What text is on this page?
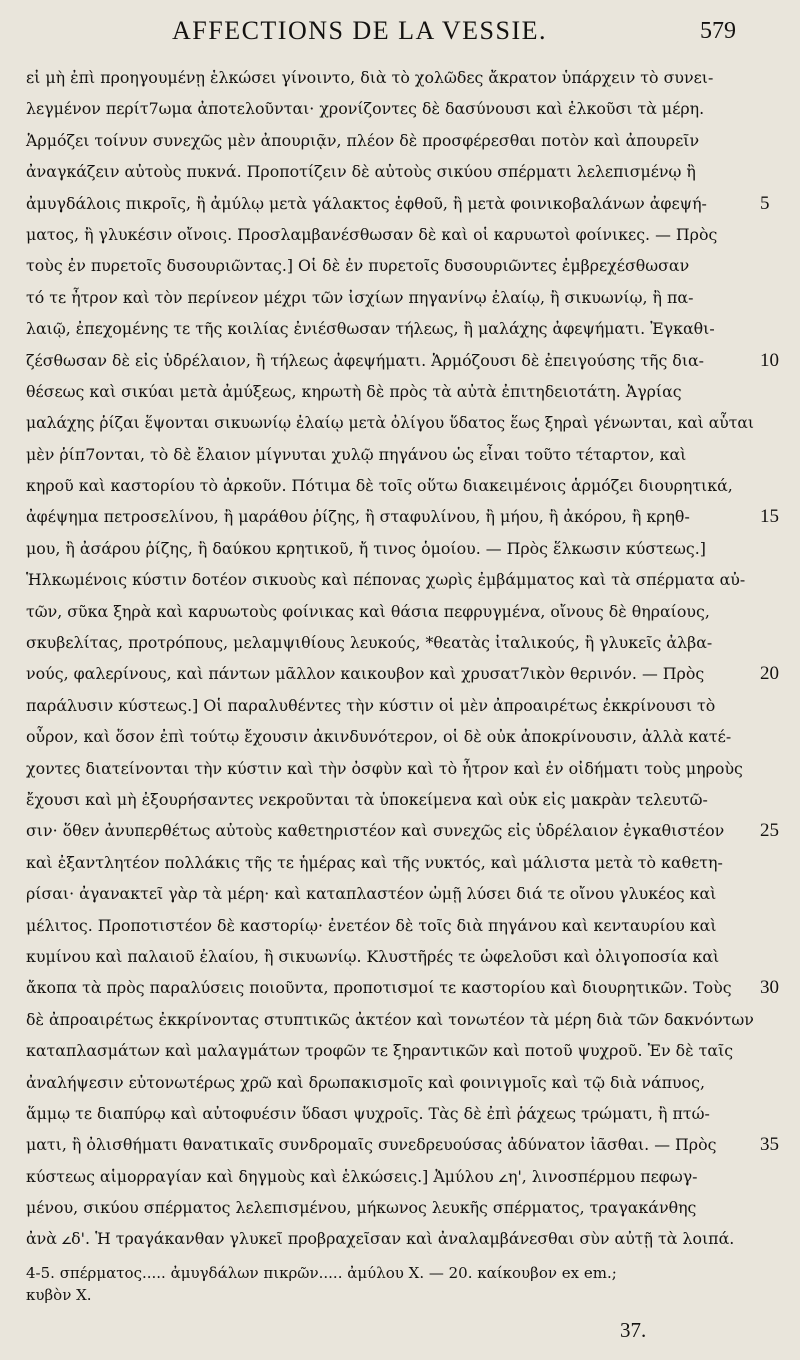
AFFECTIONS DE LA VESSIE.	579
εἰ μὴ ἐπὶ προηγουμένῃ ἑλκώσει γίνοιντο, διὰ τὸ χολῶδες ἄκρατον ὑπάρχειν τὸ συνει-
λεγμένον περίτ7ωμα ἀποτελοῦνται· χρονίζοντες δὲ δασύνουσι καὶ ἑλκοῦσι τὰ μέρη.
Ἁρμόζει τοίνυν συνεχῶς μὲν ἀπουριᾷν, πλέον δὲ προσφέρεσθαι ποτὸν καὶ ἀπουρεῖν
ἀναγκάζειν αὐτοὺς πυκνά. Προποτίζειν δὲ αὐτοὺς σικύου σπέρματι λελεπισμένῳ ἢ
ἀμυγδάλοις πικροῖς, ἢ ἀμύλῳ μετὰ γάλακτος ἑφθοῦ, ἢ μετὰ φοινικοβαλάνων ἀφεψή-	5
ματος, ἢ γλυκέσιν οἴνοις. Προσλαμβανέσθωσαν δὲ καὶ οἱ καρυωτοὶ φοίνικες. — Πρὸς
τοὺς ἐν πυρετοῖς δυσουριῶντας.] Οἱ δὲ ἐν πυρετοῖς δυσουριῶντες ἐμβρεχέσθωσαν
τό τε ἦτρον καὶ τὸν περίνεον μέχρι τῶν ἰσχίων πηγανίνῳ ἐλαίῳ, ἢ σικυωνίῳ, ἢ πα-
λαιῷ, ἐπεχομένης τε τῆς κοιλίας ἐνιέσθωσαν τήλεως, ἢ μαλάχης ἀφεψήματι. Ἐγκαθι-
ζέσθωσαν δὲ εἰς ὑδρέλαιον, ἢ τήλεως ἀφεψήματι. Ἁρμόζουσι δὲ ἐπειγούσης τῆς δια-	10
θέσεως καὶ σικύαι μετὰ ἀμύξεως, κηρωτὴ δὲ πρὸς τὰ αὐτὰ ἐπιτηδειοτάτη. Ἀγρίας
μαλάχης ῥίζαι ἕψονται σικυωνίῳ ἐλαίῳ μετὰ ὀλίγου ὕδατος ἕως ξηραὶ γένωνται, καὶ αὗται
μὲν ῥίπ7ονται, τὸ δὲ ἔλαιον μίγνυται χυλῷ πηγάνου ὡς εἶναι τοῦτο τέταρτον, καὶ
κηροῦ καὶ καστορίου τὸ ἀρκοῦν. Πότιμα δὲ τοῖς οὕτω διακειμένοις ἁρμόζει διουρητικά,
ἀφέψημα πετροσελίνου, ἢ μαράθου ῥίζης, ἢ σταφυλίνου, ἢ μήου, ἢ ἀκόρου, ἢ κρηθ-	15
μου, ἢ ἀσάρου ῥίζης, ἢ δαύκου κρητικοῦ, ἤ τινος ὁμοίου. — Πρὸς ἕλκωσιν κύστεως.]
Ἡλκωμένοις κύστιν δοτέον σικυοὺς καὶ πέπονας χωρὶς ἐμβάμματος καὶ τὰ σπέρματα αὐ-
τῶν, σῦκα ξηρὰ καὶ καρυωτοὺς φοίνικας καὶ θάσια πεφρυγμένα, οἴνους δὲ θηραίους,
σκυβελίτας, προτρόπους, μελαμψιθίους λευκούς, *θεατὰς ἰταλικούς, ἢ γλυκεῖς ἀλβα-
νούς, φαλερίνους, καὶ πάντων μᾶλλον καικουβον καὶ χρυσατ7ικὸν θερινόν. — Πρὸς	20
παράλυσιν κύστεως.] Οἱ παραλυθέντες τὴν κύστιν οἱ μὲν ἀπροαιρέτως ἐκκρίνουσι τὸ
οὖρον, καὶ ὅσον ἐπὶ τούτῳ ἔχουσιν ἀκινδυνότερον, οἱ δὲ οὐκ ἀποκρίνουσιν, ἀλλὰ κατέ-
χοντες διατείνονται τὴν κύστιν καὶ τὴν ὀσφὺν καὶ τὸ ἦτρον καὶ ἐν οἰδήματι τοὺς μηροὺς
ἔχουσι καὶ μὴ ἐξουρήσαντες νεκροῦνται τὰ ὑποκείμενα καὶ οὐκ εἰς μακρὰν τελευτῶ-
σιν· ὅθεν ἀνυπερθέτως αὐτοὺς καθετηριστέον καὶ συνεχῶς εἰς ὑδρέλαιον ἐγκαθιστέον 25
καὶ ἐξαντλητέον πολλάκις τῆς τε ἡμέρας καὶ τῆς νυκτός, καὶ μάλιστα μετὰ τὸ καθετη-
ρίσαι· ἀγανακτεῖ γὰρ τὰ μέρη· καὶ καταπλαστέον ὠμῇ λύσει διά τε οἴνου γλυκέος καὶ
μέλιτος. Προποτιστέον δὲ καστορίῳ· ἐνετέον δὲ τοῖς διὰ πηγάνου καὶ κενταυρίου καὶ
κυμίνου καὶ παλαιοῦ ἐλαίου, ἢ σικυωνίῳ. Κλυστῆρές τε ὠφελοῦσι καὶ ὀλιγοποσία καὶ
ἄκοπα τὰ πρὸς παραλύσεις ποιοῦντα, προποτισμοί τε καστορίου καὶ διουρητικῶν. Τοὺς 30
δὲ ἀπροαιρέτως ἐκκρίνοντας στυπτικῶς ἀκτέον καὶ τονωτέον τὰ μέρη διὰ τῶν δακνόντων
καταπλασμάτων καὶ μαλαγμάτων τροφῶν τε ξηραντικῶν καὶ ποτοῦ ψυχροῦ. Ἐν δὲ ταῖς
ἀναλήψεσιν εὐτονωτέρως χρῶ καὶ δρωπακισμοῖς καὶ φοινιγμοῖς καὶ τῷ διὰ νάπυος,
ἅμμῳ τε διαπύρῳ καὶ αὐτοφυέσιν ὕδασι ψυχροῖς. Τὰς δὲ ἐπὶ ῥάχεως τρώματι, ἢ πτώ-
ματι, ἢ ὀλισθήματι θανατικαῖς συνδρομαῖς συνεδρευούσας ἀδύνατον ἰᾶσθαι. — Πρὸς 35
κύστεως αἱμορραγίαν καὶ δηγμοὺς καὶ ἑλκώσεις.] Ἀμύλου 𐅵η', λινοσπέρμου πεφωγ-
μένου, σικύου σπέρματος λελεπισμένου, μήκωνος λευκῆς σπέρματος, τραγακάνθης
ἀνὰ 𐅵δ'. Ἡ τραγάκανθαν γλυκεῖ προβραχεῖσαν καὶ ἀναλαμβάνεσθαι σὺν αὐτῇ τὰ λοιπά.
4-5. σπέρματος..... ἀμυγδάλων πικρῶν..... ἀμύλου X. — 20. καίκουβον ex em.;
κυβὸν X.
37.
